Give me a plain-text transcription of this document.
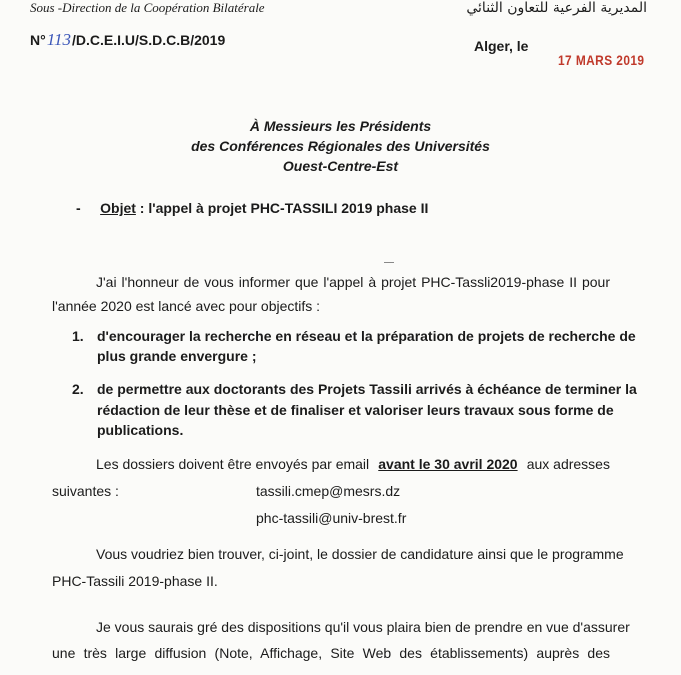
Sous -Direction de la Coopération Bilatérale	المديرية الفرعية للتعاون الثنائي
N°113/D.C.E.I.U/S.D.C.B/2019	Alger, le
17 MARS 2019
À Messieurs les Présidents
des Conférences Régionales des Universités
Ouest-Centre-Est
- Objet : l'appel à projet PHC-TASSILI 2019 phase II
J'ai l'honneur de vous informer que l'appel à projet PHC-Tassli2019-phase II pour
l'année 2020 est lancé avec pour objectifs :
1. d'encourager la recherche en réseau et la préparation de projets de recherche de
plus grande envergure ;
2. de permettre aux doctorants des Projets Tassili arrivés à échéance de terminer la
rédaction de leur thèse et de finaliser et valoriser leurs travaux sous forme de
publications.
Les dossiers doivent être envoyés par email avant le 30 avril 2020 aux adresses
suivantes :	tassili.cmep@mesrs.dz
phc-tassili@univ-brest.fr
Vous voudriez bien trouver, ci-joint, le dossier de candidature ainsi que le programme
PHC-Tassili 2019-phase II.
Je vous saurais gré des dispositions qu'il vous plaira bien de prendre en vue d'assurer
une très large diffusion (Note, Affichage, Site Web des établissements) auprès des
